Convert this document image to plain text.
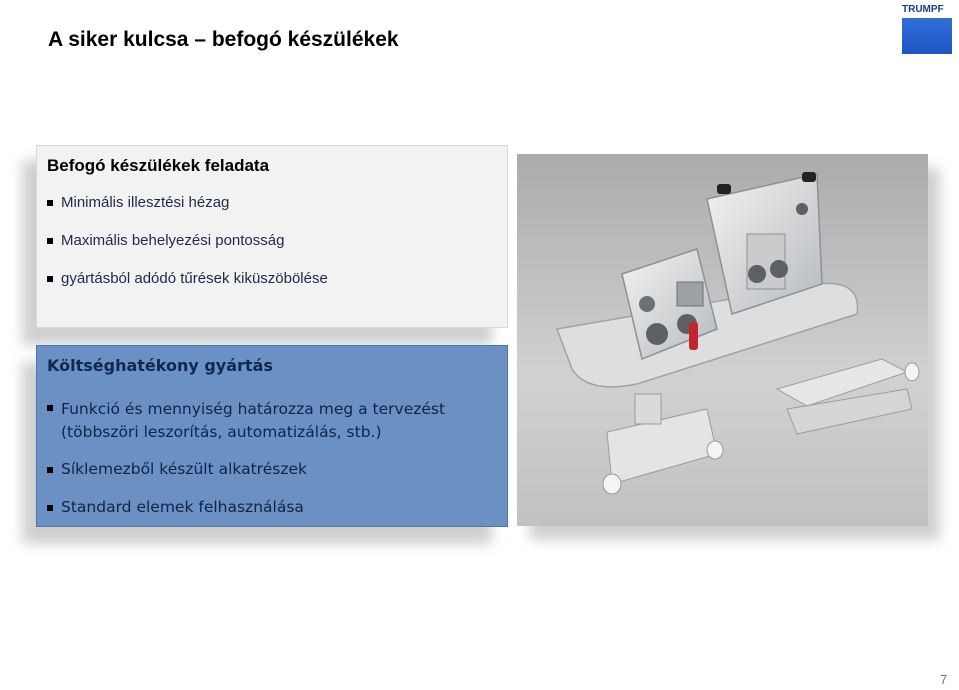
A siker kulcsa – befogó készülékek
TRUMPF
Befogó készülékek feladata
Minimális illesztési hézag
Maximális behelyezési pontosság
gyártásból adódó tűrések kiküszöbölése
Költséghatékony gyártás
Funkció és mennyiség határozza meg a tervezést (többszöri leszorítás, automatizálás, stb.)
Síklemezből készült alkatrészek
Standard elemek felhasználása
7
